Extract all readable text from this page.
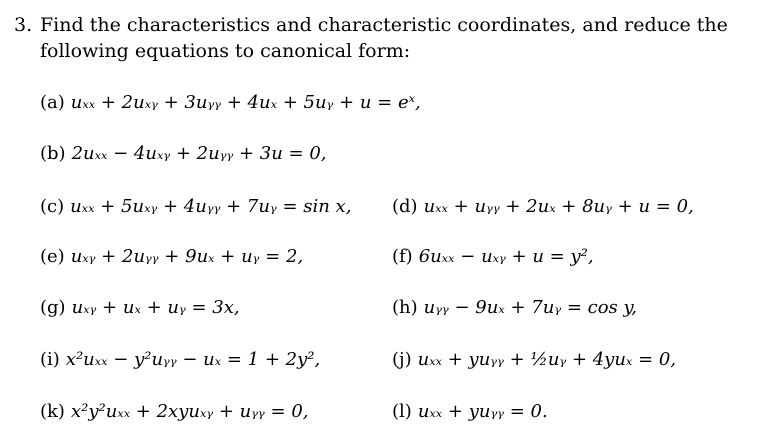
3. Find the characteristics and characteristic coordinates, and reduce the
following equations to canonical form:
(a) uₓₓ + 2uₓᵧ + 3uᵧᵧ + 4uₓ + 5uᵧ + u = eˣ,
(b) 2uₓₓ − 4uₓᵧ + 2uᵧᵧ + 3u = 0,
(c) uₓₓ + 5uₓᵧ + 4uᵧᵧ + 7uᵧ = sin x, (d) uₓₓ + uᵧᵧ + 2uₓ + 8uᵧ + u = 0,
(e) uₓᵧ + 2uᵧᵧ + 9uₓ + uᵧ = 2,	(f) 6uₓₓ − uₓᵧ + u = y²,
(g) uₓᵧ + uₓ + uᵧ = 3x,	(h) uᵧᵧ − 9uₓ + 7uᵧ = cos y,
(i) x²uₓₓ − y²uᵧᵧ − uₓ = 1 + 2y²,	(j) uₓₓ + yuᵧᵧ + ½uᵧ + 4yuₓ = 0,
(k) x²y²uₓₓ + 2xyuₓᵧ + uᵧᵧ = 0,	(l) uₓₓ + yuᵧᵧ = 0.
